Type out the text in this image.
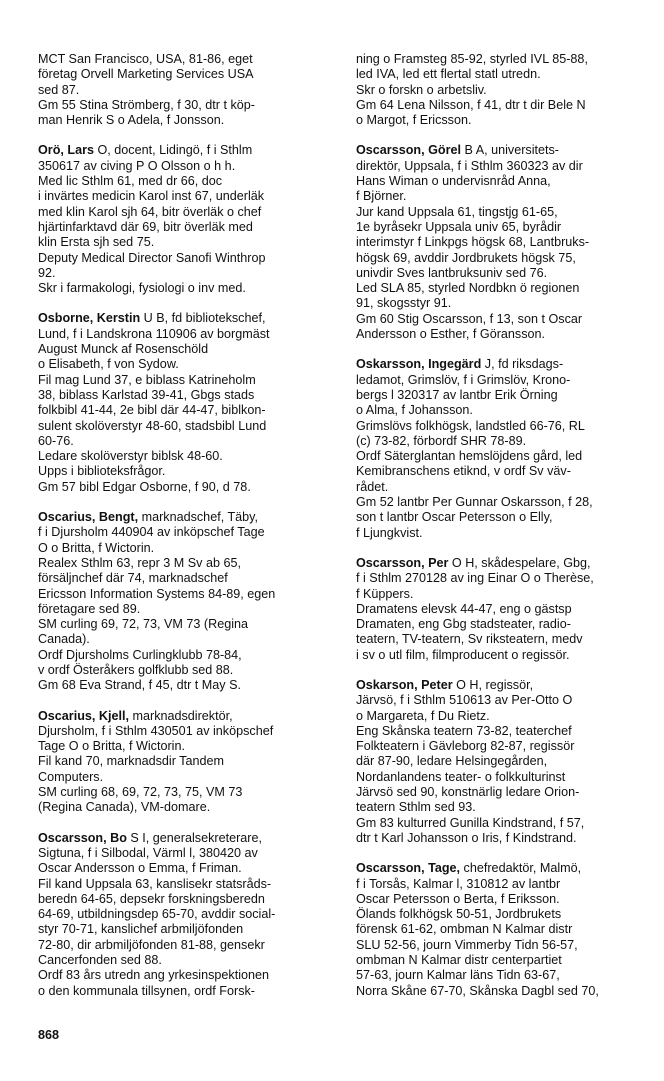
MCT San Francisco, USA, 81-86, eget
företag Orvell Marketing Services USA
sed 87.
Gm 55 Stina Strömberg, f 30, dtr t köp-
man Henrik S o Adela, f Jonsson.
Orö, Lars O, docent, Lidingö, f i Sthlm
350617 av civing P O Olsson o h h.
Med lic Sthlm 61, med dr 66, doc
i invärtes medicin Karol inst 67, underläk
med klin Karol sjh 64, bitr överläk o chef
hjärtinfarktavd där 69, bitr överläk med
klin Ersta sjh sed 75.
Deputy Medical Director Sanofi Winthrop
92.
Skr i farmakologi, fysiologi o inv med.
Osborne, Kerstin U B, fd bibliotekschef,
Lund, f i Landskrona 110906 av borgmäst
August Munck af Rosenschöld
o Elisabeth, f von Sydow.
Fil mag Lund 37, e biblass Katrineholm
38, biblass Karlstad 39-41, Gbgs stads
folkbibl 41-44, 2e bibl där 44-47, biblkon-
sulent skolöverstyr 48-60, stadsbibl Lund
60-76.
Ledare skolöverstyr biblsk 48-60.
Upps i biblioteksfrågor.
Gm 57 bibl Edgar Osborne, f 90, d 78.
Oscarius, Bengt, marknadschef, Täby,
f i Djursholm 440904 av inköpschef Tage
O o Britta, f Wictorin.
Realex Sthlm 63, repr 3 M Sv ab 65,
försäljnchef där 74, marknadschef
Ericsson Information Systems 84-89, egen
företagare sed 89.
SM curling 69, 72, 73, VM 73 (Regina
Canada).
Ordf Djursholms Curlingklubb 78-84,
v ordf Österåkers golfklubb sed 88.
Gm 68 Eva Strand, f 45, dtr t May S.
Oscarius, Kjell, marknadsdirektör,
Djursholm, f i Sthlm 430501 av inköpschef
Tage O o Britta, f Wictorin.
Fil kand 70, marknadsdir Tandem
Computers.
SM curling 68, 69, 72, 73, 75, VM 73
(Regina Canada), VM-domare.
Oscarsson, Bo S I, generalsekreterare,
Sigtuna, f i Silbodal, Värml l, 380420 av
Oscar Andersson o Emma, f Friman.
Fil kand Uppsala 63, kanslisekr statsråds-
beredn 64-65, depsekr forskningsberedn
64-69, utbildningsdep 65-70, avddir social-
styr 70-71, kanslichef arbmiljöfonden
72-80, dir arbmiljöfonden 81-88, gensekr
Cancerfonden sed 88.
Ordf 83 års utredn ang yrkesinspektionen
o den kommunala tillsynen, ordf Forsk-
ning o Framsteg 85-92, styrled IVL 85-88,
led IVA, led ett flertal statl utredn.
Skr o forskn o arbetsliv.
Gm 64 Lena Nilsson, f 41, dtr t dir Bele N
o Margot, f Ericsson.
Oscarsson, Görel B A, universitets-
direktör, Uppsala, f i Sthlm 360323 av dir
Hans Wiman o undervisnråd Anna,
f Björner.
Jur kand Uppsala 61, tingstjg 61-65,
1e byråsekr Uppsala univ 65, byrådir
interimstyr f Linkpgs högsk 68, Lantbruks-
högsk 69, avddir Jordbrukets högsk 75,
univdir Sves lantbruksuniv sed 76.
Led SLA 85, styrled Nordbkn ö regionen
91, skogsstyr 91.
Gm 60 Stig Oscarsson, f 13, son t Oscar
Andersson o Esther, f Göransson.
Oskarsson, Ingegärd J, fd riksdags-
ledamot, Grimslöv, f i Grimslöv, Krono-
bergs l 320317 av lantbr Erik Örning
o Alma, f Johansson.
Grimslövs folkhögsk, landstled 66-76, RL
(c) 73-82, förbordf SHR 78-89.
Ordf Säterglantan hemslöjdens gård, led
Kemibranschens etiknd, v ordf Sv väv-
rådet.
Gm 52 lantbr Per Gunnar Oskarsson, f 28,
son t lantbr Oscar Petersson o Elly,
f Ljungkvist.
Oscarsson, Per O H, skådespelare, Gbg,
f i Sthlm 270128 av ing Einar O o Therèse,
f Küppers.
Dramatens elevsk 44-47, eng o gästsp
Dramaten, eng Gbg stadsteater, radio-
teatern, TV-teatern, Sv riksteatern, medv
i sv o utl film, filmproducent o regissör.
Oskarson, Peter O H, regissör,
Järvsö, f i Sthlm 510613 av Per-Otto O
o Margareta, f Du Rietz.
Eng Skånska teatern 73-82, teaterchef
Folkteatern i Gävleborg 82-87, regissör
där 87-90, ledare Helsingegården,
Nordanlandens teater- o folkkulturinst
Järvsö sed 90, konstnärlig ledare Orion-
teatern Sthlm sed 93.
Gm 83 kulturred Gunilla Kindstrand, f 57,
dtr t Karl Johansson o Iris, f Kindstrand.
Oscarsson, Tage, chefredaktör, Malmö,
f i Torsås, Kalmar l, 310812 av lantbr
Oscar Petersson o Berta, f Eriksson.
Ölands folkhögsk 50-51, Jordbrukets
förensk 61-62, ombman N Kalmar distr
SLU 52-56, journ Vimmerby Tidn 56-57,
ombman N Kalmar distr centerpartiet
57-63, journ Kalmar läns Tidn 63-67,
Norra Skåne 67-70, Skånska Dagbl sed 70,
868
